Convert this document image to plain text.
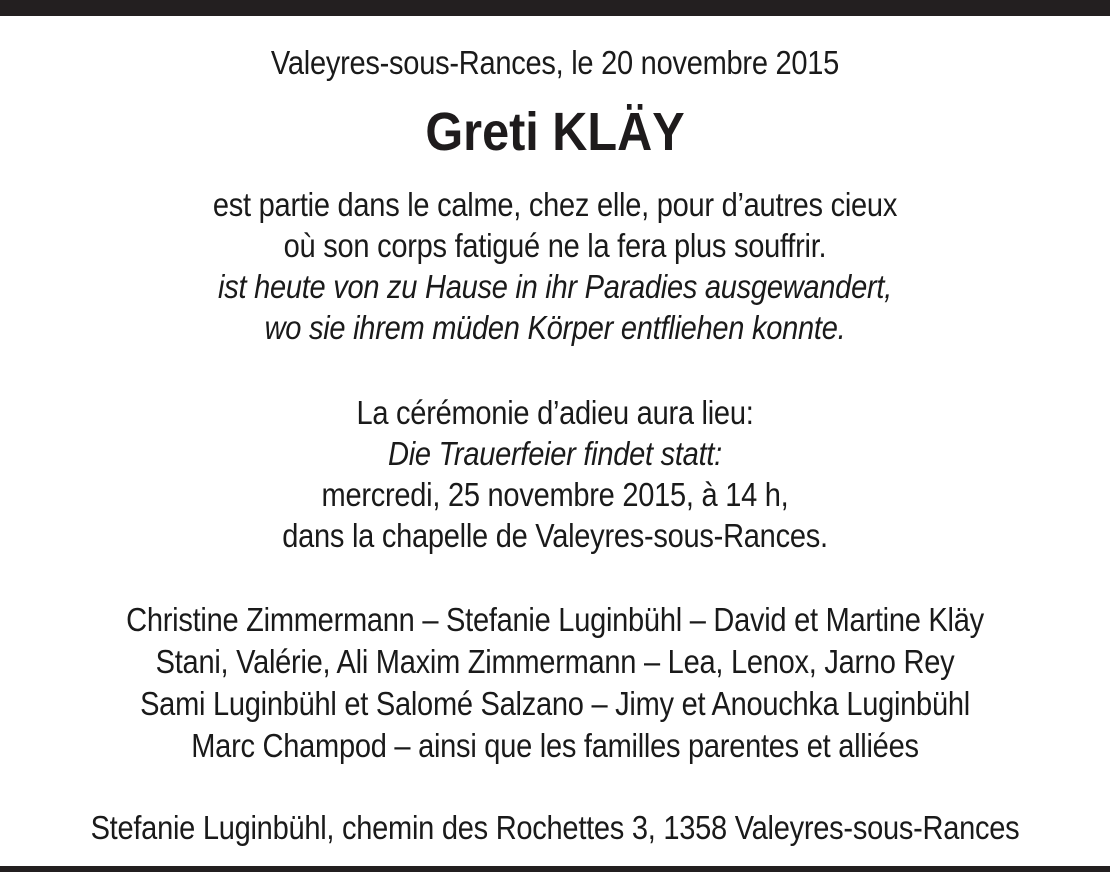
Valeyres-sous-Rances, le 20 novembre 2015
Greti KLÄY
est partie dans le calme, chez elle, pour d’autres cieux
où son corps fatigué ne la fera plus souffrir.
ist heute von zu Hause in ihr Paradies ausgewandert,
wo sie ihrem müden Körper entfliehen konnte.
La cérémonie d’adieu aura lieu:
Die Trauerfeier findet statt:
mercredi, 25 novembre 2015, à 14 h,
dans la chapelle de Valeyres-sous-Rances.
Christine Zimmermann – Stefanie Luginbühl – David et Martine Kläy
Stani, Valérie, Ali Maxim Zimmermann – Lea, Lenox, Jarno Rey
Sami Luginbühl et Salomé Salzano – Jimy et Anouchka Luginbühl
Marc Champod – ainsi que les familles parentes et alliées
Stefanie Luginbühl, chemin des Rochettes 3, 1358 Valeyres-sous-Rances
